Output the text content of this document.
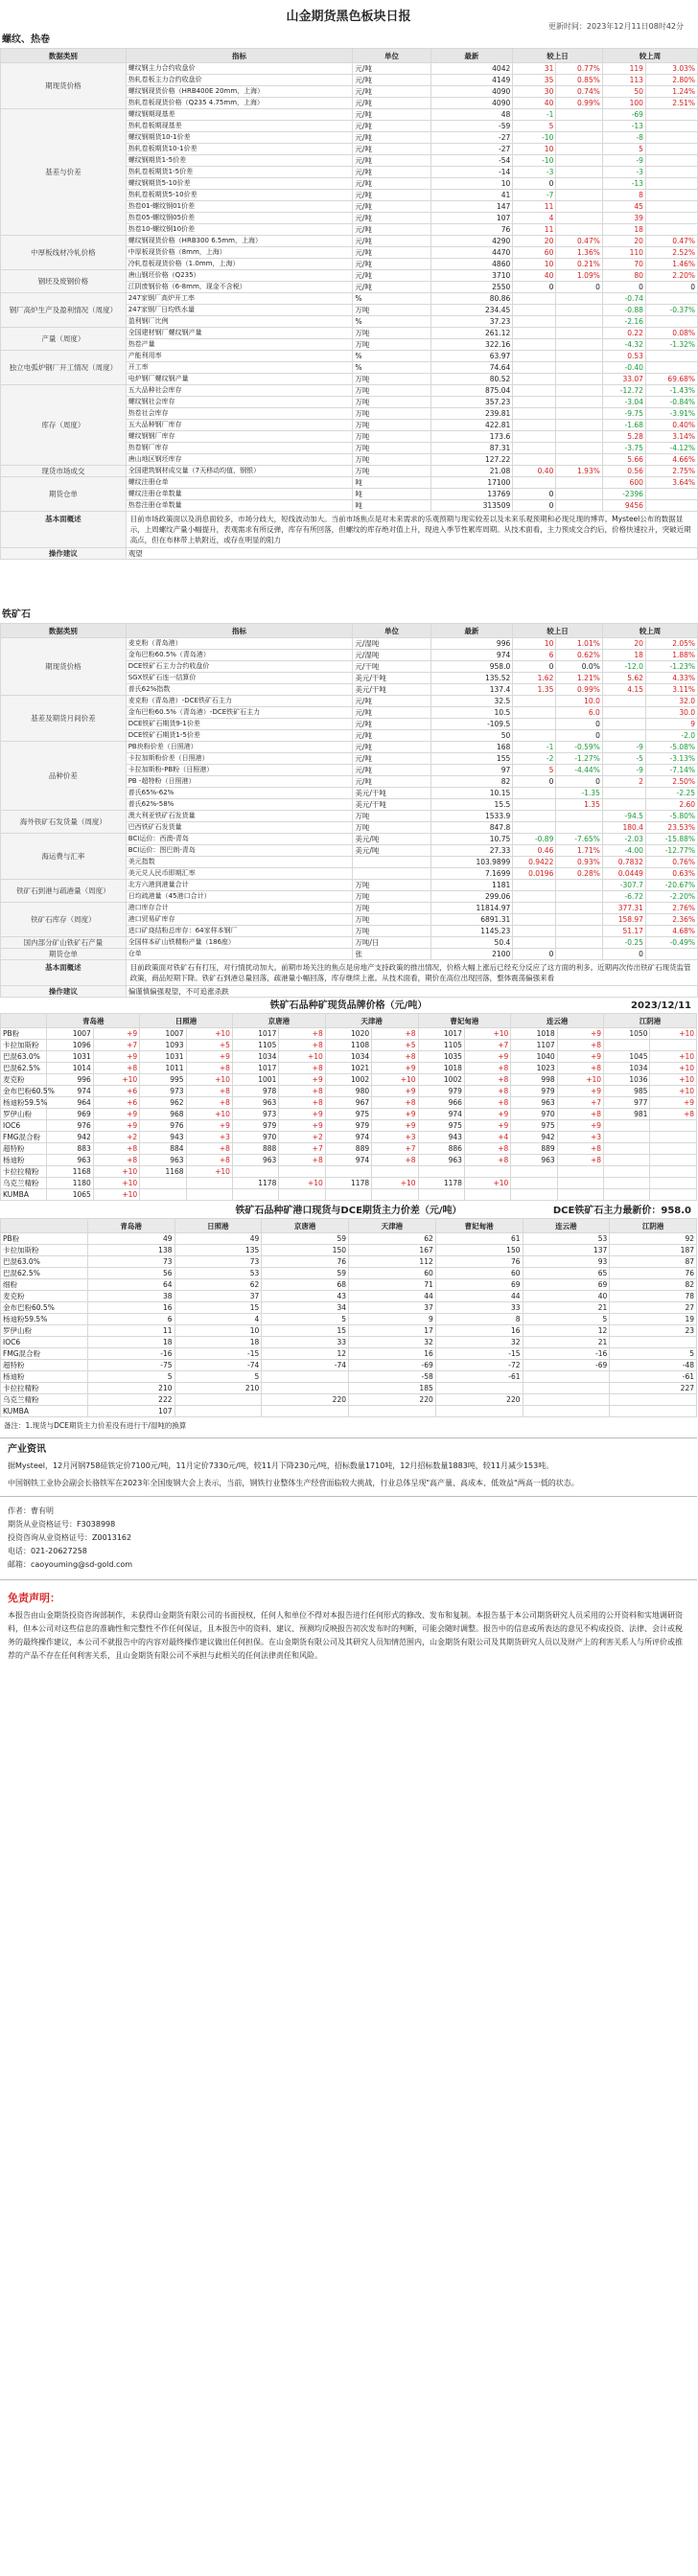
山金期货黑色板块日报
更新时间：2023年12月11日08时42分
螺纹、热卷
数据类别	指标	单位	最新	较上日		较上周	
期现货价格	螺纹钢主力合约收盘价	元/吨	4042	31	0.77%	119	3.03%
	热轧卷板主力合约收盘价	元/吨	4149	35	0.85%	113	2.80%
	螺纹钢现货价格（HRB400E 20mm，上海）	元/吨	4090	30	0.74%	50	1.24%
	热轧卷板现货价格（Q235 4.75mm，上海）	元/吨	4090	40	0.99%	100	2.51%
基差与价差	螺纹钢期现基差	元/吨	48	-1		-69	
	热轧卷板期现基差	元/吨	-59	5		-13	
	螺纹钢期货10-1价差	元/吨	-27	-10		-8	
	热轧卷板期货10-1价差	元/吨	-27	10		5	
	螺纹钢期货1-5价差	元/吨	-54	-10		-9	
	热轧卷板期货1-5价差	元/吨	-14	-3		-3	
	螺纹钢期货5-10价差	元/吨	10	0		-13	
	热轧卷板期货5-10价差	元/吨	41	-7		8	
	热卷01-螺纹钢01价差	元/吨	147	11		45	
	热卷05-螺纹钢05价差	元/吨	107	4		39	
	热卷10-螺纹钢10价差	元/吨	76	11		18	
中厚板线材冷轧价格	螺纹钢现货价格（HRB300 6.5mm，上海）	元/吨	4290	20	0.47%	20	0.47%
	中厚板现货价格（8mm，上海）	元/吨	4470	60	1.36%	110	2.52%
	冷轧卷板现货价格（1.0mm，上海）	元/吨	4860	10	0.21%	70	1.46%
钢坯及废钢价格	唐山钢坯价格（Q235）	元/吨	3710	40	1.09%	80	2.20%
	江阴废钢价格（6-8mm，现金不含税）	元/吨	2550	0	0	0	0
钢厂高炉生产及盈利情况（周度）	247家钢厂高炉开工率	%	80.86			-0.74	
	247家钢厂日均铁水量	万吨	234.45			-0.88	-0.37%
	盈利钢厂比例	%	37.23			-2.16	
产量（周度）	全国建材钢厂螺纹钢产量	万吨	261.12			0.22	0.08%
	热卷产量	万吨	322.16			-4.32	-1.32%
独立电弧炉钢厂开工情况（周度）	产能利用率	%	63.97			0.53	
	开工率	%	74.64			-0.40	
	电炉钢厂螺纹钢产量	万吨	80.52			33.07	69.68%
库存（周度）	五大品种社会库存	万吨	875.04			-12.72	-1.43%
	螺纹钢社会库存	万吨	357.23			-3.04	-0.84%
	热卷社会库存	万吨	239.81			-9.75	-3.91%
	五大品种钢厂库存	万吨	422.81			-1.68	0.40%
	螺纹钢钢厂库存	万吨	173.6			5.28	3.14%
	热卷钢厂库存	万吨	87.31			-3.75	-4.12%
	唐山地区钢坯库存	万吨	127.22			5.66	4.66%
现货市场成交	全国建筑钢材成交量（7天移动均值，钢银）	万吨	21.08	0.40	1.93%	0.56	2.75%
期货仓单	螺纹注册仓单	吨	17100			600	3.64%
	螺纹注册仓单数量	吨	13769	0		-2396	
	热卷注册仓单数量	吨	313509	0		9456	
基本面概述	目前市场政策面以及消息面较多，市场分歧大，短线波动加大。当前市场焦点是对未来需求的乐观预期与现实较差以及未来乐观预期和必现兑现的博弈。Mysteel公布的数据显示，上周螺纹产量小幅提升，表观需求有所反弹，库存有所回落，但螺纹的库存绝对值上升，现进入季节性累库周期。从技术面看，主力预成交合约后，价格快速拉升，突破近期高点，但在布林带上轨附近，或存在明显的阻力						
操作建议	观望						
铁矿石
数据类别	指标	单位	最新	较上日		较上周	
期现货价格	麦克粉（青岛港）	元/湿吨	996	10	1.01%	20	2.05%
	金布巴粉60.5%（青岛港）	元/湿吨	974	6	0.62%	18	1.88%
	DCE铁矿石主力合约收盘价	元/干吨	958.0	0	0.0%	-12.0	-1.23%
	SGX铁矿石连一结算价	美元/干吨	135.52	1.62	1.21%	5.62	4.33%
	普氏62%指数	美元/干吨	137.4	1.35	0.99%	4.15	3.11%
基差及期货月间价差	麦克粉（青岛港）-DCE铁矿石主力	元/吨	32.5		10.0		32.0
	金布巴粉60.5%（青岛港）-DCE铁矿石主力	元/吨	10.5		6.0		30.0
	DCE铁矿石期货9-1价差	元/吨	-109.5		0		9
	DCE铁矿石期货1-5价差	元/吨	50		0		-2.0
品种价差	PB块粉价差（日照港）	元/吨	168	-1	-0.59%	-9	-5.08%
	卡拉加斯粉价差（日照港）	元/吨	155	-2	-1.27%	-5	-3.13%
	卡拉加斯粉-PB粉（日照港）	元/吨	97	5	-4.44%	-9	-7.14%
	PB -超特粉（日照港）	元/吨	82	0	0	2	2.50%
	普氏65%-62%	美元/干吨	10.15		-1.35		-2.25
	普氏62%-58%	美元/干吨	15.5		1.35		2.60
海外铁矿石发货量（周度）	澳大利亚铁矿石发货量	万吨	1533.9			-94.5	-5.80%
	巴西铁矿石发货量	万吨	847.8			180.4	23.53%
海运费与汇率	BCI运价：西澳-青岛	美元/吨	10.75	-0.89	-7.65%	-2.03	-15.88%
	BCI运价：图巴朗-青岛	美元/吨	27.33	0.46	1.71%	-4.00	-12.77%
	美元指数		103.9899	0.9422	0.93%	0.7832	0.76%
	美元兑人民币即期汇率		7.1699	0.0196	0.28%	0.0449	0.63%
铁矿石到港与疏港量（周度）	北方六港到港量合计	万吨	1181			-307.7	-20.67%
	日均疏港量（45港口合计）	万吨	299.06			-6.72	-2.20%
铁矿石库存（周度）	港口库存合计	万吨	11814.97			377.31	2.76%
	港口贸易矿库存	万吨	6891.31			158.97	2.36%
	进口矿烧结粉总库存：64家样本钢厂	万吨	1145.23			51.17	4.68%
国内部分矿山铁矿石产量	全国样本矿山铁精粉产量（186座）	万吨/日	50.4			-0.25	-0.49%
期货仓单	仓单	张	2100	0		0	
基本面概述	目前政策面对铁矿石有打压，对行情扰动加大。前期市场关注的焦点是房地产支持政策的推出情况，价格大幅上涨后已经充分反应了这方面的利多。近期再次传出铁矿石现货监管政策，商品短期下降。铁矿石到港总量回落，疏港量小幅回落，库存继续上涨。从技术面看，期价在高位出现回落，整体震荡偏强来看						
操作建议	偏谨慎偏强观望，不可追涨杀跌						
铁矿石品种矿现货品牌价格（元/吨）	2023/12/11
	青岛港		日照港		京唐港		天津港		曹妃甸港		连云港		江阴港	
PB粉	1007	+9	1007	+10	1017	+8	1020	+8	1017	+10	1018	+9	1050	+10
卡拉加斯粉	1096	+7	1093	+5	1105	+8	1108	+5	1105	+7	1107	+8		
巴混63.0%	1031	+9	1031	+9	1034	+10	1034	+8	1035	+9	1040	+9	1045	+10
巴混62.5%	1014	+8	1011	+8	1017	+8	1021	+9	1018	+8	1023	+8	1034	+10
麦克粉	996	+10	995	+10	1001	+9	1002	+10	1002	+8	998	+10	1036	+10
金布巴粉60.5%	974	+6	973	+8	978	+8	980	+9	979	+8	979	+9	985	+10
杨迪粉59.5%	964	+6	962	+8	963	+8	967	+8	966	+8	963	+7	977	+9
罗伊山粉	969	+9	968	+10	973	+9	975	+9	974	+9	970	+8	981	+8
IOC6	976	+9	976	+9	979	+9	979	+9	975	+9	975	+9		
FMG混合粉	942	+2	943	+3	970	+2	974	+3	943	+4	942	+3		
超特粉	883	+8	884	+8	888	+7	889	+7	886	+8	889	+8		
杨迪粉	963	+8	963	+8	963	+8	974	+8	963	+8	963	+8		
卡拉拉精粉	1168	+10	1168	+10										
乌克兰精粉	1180	+10			1178	+10	1178	+10	1178	+10				
KUMBA	1065	+10												
铁矿石品种矿港口现货与DCE期货主力价差（元/吨）	DCE铁矿石主力最新价：958.0
	青岛港	日照港	京唐港	天津港	曹妃甸港	连云港	江阴港
PB粉	49	49	59	62	61	53	92
卡拉加斯粉	138	135	150	167	150	137	187
巴混63.0%	73	73	76	112	76	93	87
巴混62.5%	56	53	59	60	60	65	76
细粉	64	62	68	71	69	69	82
麦克粉	38	37	43	44	44	40	78
金布巴粉60.5%	16	15	34	37	33	21	27
杨迪粉59.5%	6	4	5	9	8	5	19
罗伊山粉	11	10	15	17	16	12	23
IOC6	18	18	33	32	32	21	
FMG混合粉	-16	-15	12	16	-15	-16	5
超特粉	-75	-74	-74	-69	-72	-69	-48
杨迪粉	5	5		-58	-61		-61
卡拉拉精粉	210	210		185			227
乌克兰精粉	222		220	220	220		
KUMBA	107						
备注：1.现货与DCE期货主力价差没有进行干/湿吨的换算
产业资讯
据Mysteel，12月河钢758硅铁定价7100元/吨，11月定价7330元/吨，较11月下降230元/吨，招标数量1710吨，12月招标数量1883吨，较11月减少153吨。
中国钢铁工业协会副会长骆铁军在2023年全国废钢大会上表示，当前，钢铁行业整体生产经营面临较大挑战，行业总体呈现"高产量、高成本、低效益"两高一低的状态。
作者：曹有明
期货从业资格证号：F3038998
投资咨询从业资格证号：Z0013162
电话：021-20627258
邮箱：caoyouming@sd-gold.com
免责声明：
本报告由山金期货投资咨询部制作，未获得山金期货有限公司的书面授权，任何人和单位不得对本报告进行任何形式的修改、发布和复制。本报告基于本公司期货研究人员采用的公开资料和实地调研资料，但本公司对这些信息的准确性和完整性不作任何保证，且本报告中的资料、建议、预测均反映报告初次发布时的判断，可能会随时调整。报告中的信息或所表达的意见不构成投资、法律、会计或税务的最终操作建议，本公司不就报告中的内容对最终操作建议做出任何担保。在山金期货有限公司及其研究人员知情范围内，山金期货有限公司及其期货研究人员以及财产上的利害关系人与所评价或推荐的产品不存在任何利害关系，且山金期货有限公司不承担与此相关的任何法律责任和风险。
